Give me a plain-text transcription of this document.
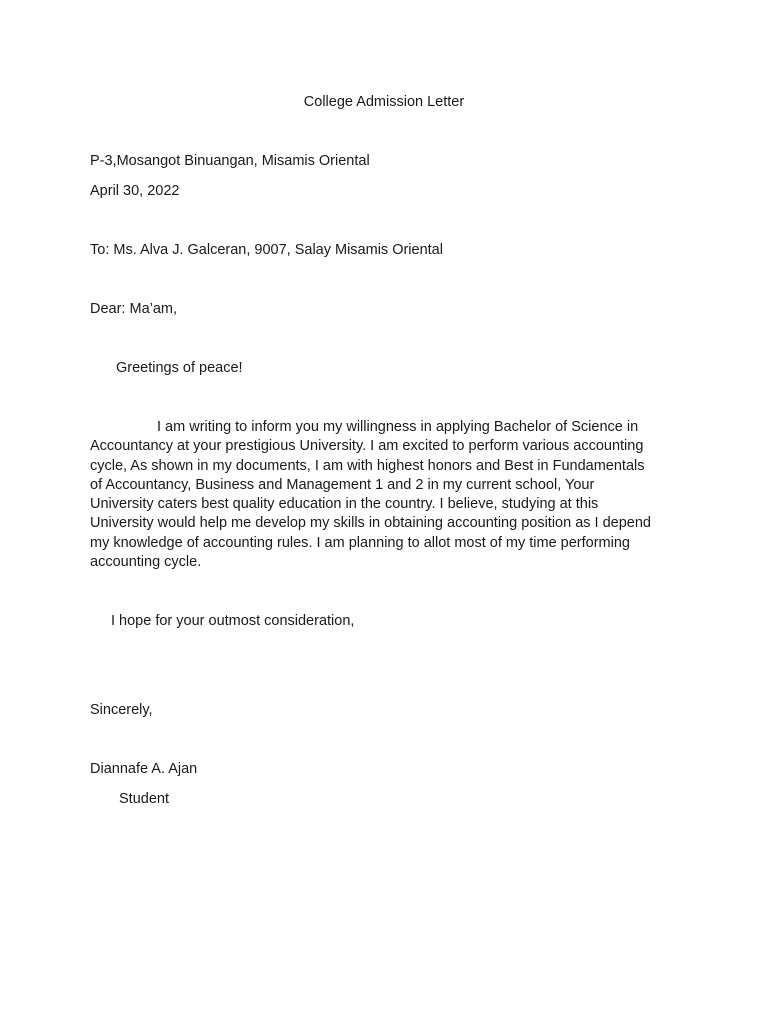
College Admission Letter

P-3,Mosangot Binuangan, Misamis Oriental

April 30, 2022

To: Ms. Alva J. Galceran, 9007, Salay Misamis Oriental

Dear: Ma’am,

Greetings of peace!

I am writing to inform you my willingness in applying Bachelor of Science in
Accountancy at your prestigious University. I am excited to perform various accounting
cycle, As shown in my documents, I am with highest honors and Best in Fundamentals
of Accountancy, Business and Management 1 and 2 in my current school, Your
University caters best quality education in the country. I believe, studying at this
University would help me develop my skills in obtaining accounting position as I depend
my knowledge of accounting rules. I am planning to allot most of my time performing
accounting cycle.

I hope for your outmost consideration,

Sincerely,

Diannafe A. Ajan

Student
